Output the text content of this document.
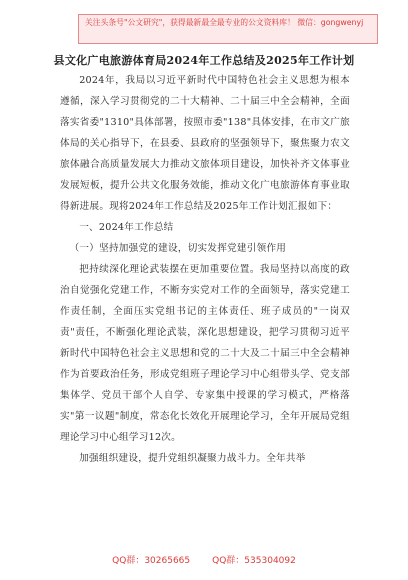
关注头条号"公文研究"，获得最新最全最专业的公文资料库！ 微信：gongwenyj
县文化广电旅游体育局2024年工作总结及2025年工作计划

2024年，我局以习近平新时代中国特色社会主义思想为根本遵循，深入学习贯彻党的二十大精神、二十届三中全会精神，全面落实省委"1310"具体部署，按照市委"138"具体安排，在市文广旅体局的关心指导下，在县委、县政府的坚强领导下，聚焦聚力农文旅体融合高质量发展大力推动文旅体项目建设，加快补齐文体事业发展短板，提升公共文化服务效能，推动文化广电旅游体育事业取得新进展。现将2024年工作总结及2025年工作计划汇报如下：

一、2024年工作总结

（一）坚持加强党的建设，切实发挥党建引领作用

把持续深化理论武装摆在更加重要位置。我局坚持以高度的政治自觉强化党建工作，不断夯实党对工作的全面领导，落实党建工作责任制，全面压实党组书记的主体责任、班子成员的"一岗双责"责任，不断强化理论武装，深化思想建设，把学习贯彻习近平新时代中国特色社会主义思想和党的二十大及二十届三中全会精神作为首要政治任务，形成党组班子理论学习中心组带头学、党支部集体学、党员干部个人自学、专家集中授课的学习模式，严格落实"第一议题"制度，常态化长效化开展理论学习，全年开展局党组理论学习中心组学习12次。

加强组织建设，提升党组织凝聚力战斗力。全年共举

QQ群：30265665 QQ群：535304092
